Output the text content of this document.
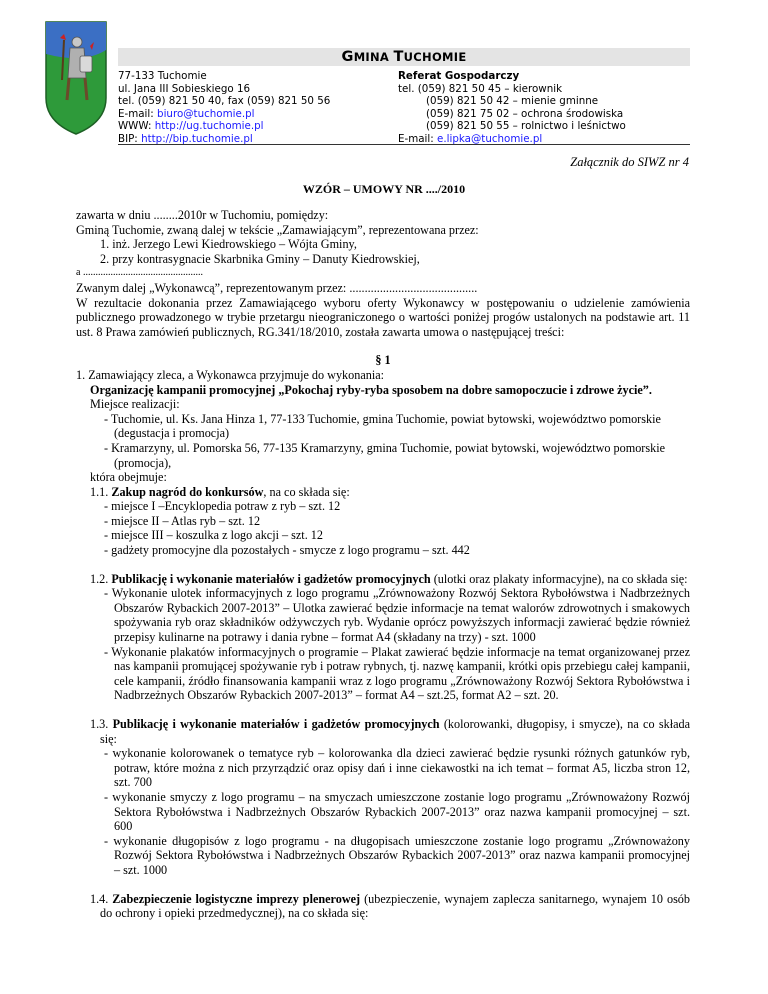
GMINA TUCHOMIE
77-133 Tuchomie
ul. Jana III Sobieskiego 16
tel. (059) 821 50 40, fax (059) 821 50 56
E-mail: biuro@tuchomie.pl
WWW: http://ug.tuchomie.pl
BIP: http://bip.tuchomie.pl
Referat Gospodarczy
tel. (059) 821 50 45 – kierownik
(059) 821 50 42 – mienie gminne
(059) 821 75 02 – ochrona środowiska
(059) 821 50 55 – rolnictwo i leśnictwo
E-mail: e.lipka@tuchomie.pl
Załącznik do SIWZ nr 4
WZÓR – UMOWY NR ..../2010

zawarta w dniu ........2010r w Tuchomiu, pomiędzy:

Gminą Tuchomie, zwaną dalej w tekście „Zamawiającym”, reprezentowana przez:

1. inż. Jerzego Lewi Kiedrowskiego – Wójta Gminy,

2. przy kontrasygnacie Skarbnika Gminy – Danuty Kiedrowskiej,

a ................................................

Zwanym dalej „Wykonawcą”, reprezentowanym przez: ..........................................

W rezultacie dokonania przez Zamawiającego wyboru oferty Wykonawcy w postępowaniu o udzielenie zamówienia publicznego prowadzonego w trybie przetargu nieograniczonego o wartości poniżej progów ustalonych na podstawie art. 11 ust. 8 Prawa zamówień publicznych, RG.341/18/2010, została zawarta umowa o następującej treści:

§ 1

1. Zamawiający zleca, a Wykonawca przyjmuje do wykonania:

Organizację kampanii promocyjnej „Pokochaj ryby-ryba sposobem na dobre samopoczucie i zdrowe życie”.

Miejsce realizacji:

- Tuchomie, ul. Ks. Jana Hinza 1, 77-133 Tuchomie, gmina Tuchomie, powiat bytowski, województwo pomorskie (degustacja i promocja)

- Kramarzyny, ul. Pomorska 56, 77-135 Kramarzyny, gmina Tuchomie, powiat bytowski, województwo pomorskie (promocja),

która obejmuje:

1.1. Zakup nagród do konkursów, na co składa się:

- miejsce I –Encyklopedia potraw z ryb – szt. 12

- miejsce II – Atlas ryb – szt. 12

- miejsce III – koszulka z logo akcji – szt. 12

- gadżety promocyjne dla pozostałych - smycze z logo programu – szt. 442

1.2. Publikację i wykonanie materiałów i gadżetów promocyjnych (ulotki oraz plakaty informacyjne), na co składa się:

- Wykonanie ulotek informacyjnych z logo programu „Zrównoważony Rozwój Sektora Rybołówstwa i Nadbrzeżnych Obszarów Rybackich 2007-2013” – Ulotka zawierać będzie informacje na temat walorów zdrowotnych i smakowych spożywania ryb oraz składników odżywczych ryb. Wydanie oprócz powyższych informacji zawierać będzie również przepisy kulinarne na potrawy i dania rybne – format A4 (składany na trzy) - szt. 1000

- Wykonanie plakatów informacyjnych o programie – Plakat zawierać będzie informacje na temat organizowanej przez nas kampanii promującej spożywanie ryb i potraw rybnych, tj. nazwę kampanii, krótki opis przebiegu całej kampanii, cele kampanii, źródło finansowania kampanii wraz z logo programu „Zrównoważony Rozwój Sektora Rybołówstwa i Nadbrzeżnych Obszarów Rybackich 2007-2013” – format A4 – szt.25, format A2 – szt. 20.

1.3. Publikację i wykonanie materiałów i gadżetów promocyjnych (kolorowanki, długopisy, i smycze), na co składa się:

- wykonanie kolorowanek o tematyce ryb – kolorowanka dla dzieci zawierać będzie rysunki różnych gatunków ryb, potraw, które można z nich przyrządzić oraz opisy dań i inne ciekawostki na ich temat – format A5, liczba stron 12, szt. 700

- wykonanie smyczy z logo programu – na smyczach umieszczone zostanie logo programu „Zrównoważony Rozwój Sektora Rybołówstwa i Nadbrzeżnych Obszarów Rybackich 2007-2013” oraz nazwa kampanii promocyjnej – szt. 600

- wykonanie długopisów z logo programu - na długopisach umieszczone zostanie logo programu „Zrównoważony Rozwój Sektora Rybołówstwa i Nadbrzeżnych Obszarów Rybackich 2007-2013” oraz nazwa kampanii promocyjnej – szt. 1000

1.4. Zabezpieczenie logistyczne imprezy plenerowej (ubezpieczenie, wynajem zaplecza sanitarnego, wynajem 10 osób do ochrony i opieki przedmedycznej), na co składa się:
